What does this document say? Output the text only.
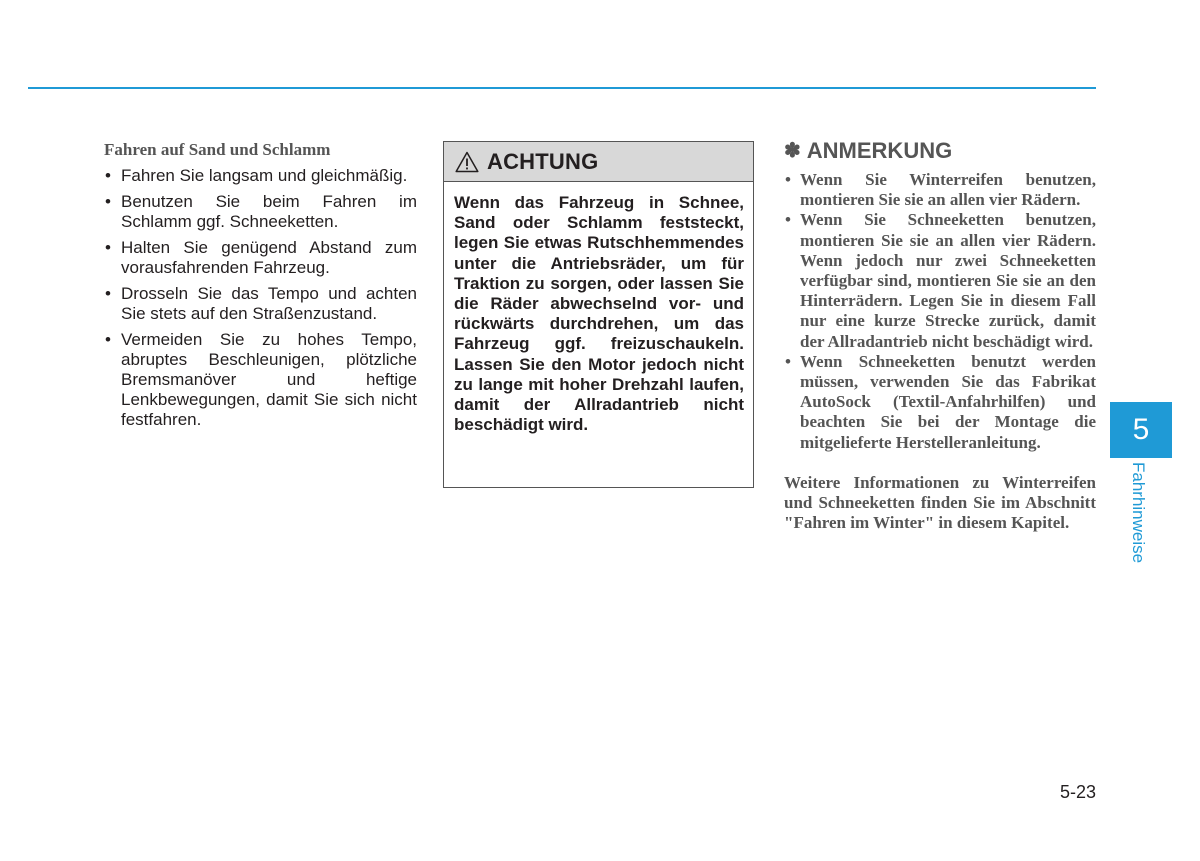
Fahren auf Sand und Schlamm
• Fahren Sie langsam und gleichmäßig.
• Benutzen Sie beim Fahren im Schlamm ggf. Schneeketten.
• Halten Sie genügend Abstand zum vorausfahrenden Fahrzeug.
• Drosseln Sie das Tempo und achten Sie stets auf den Straßenzustand.
• Vermeiden Sie zu hohes Tempo, abruptes Beschleunigen, plötzliche Bremsmanöver und heftige Lenkbewegungen, damit Sie sich nicht festfahren.
ACHTUNG
Wenn das Fahrzeug in Schnee, Sand oder Schlamm feststeckt, legen Sie etwas Rutschhemmendes unter die Antriebsräder, um für Traktion zu sorgen, oder lassen Sie die Räder abwechselnd vor- und rückwärts durchdrehen, um das Fahrzeug ggf. freizuschaukeln. Lassen Sie den Motor jedoch nicht zu lange mit hoher Drehzahl laufen, damit der Allradantrieb nicht beschädigt wird.
✽ ANMERKUNG
• Wenn Sie Winterreifen benutzen, montieren Sie sie an allen vier Rädern.
• Wenn Sie Schneeketten benutzen, montieren Sie sie an allen vier Rädern. Wenn jedoch nur zwei Schneeketten verfügbar sind, montieren Sie sie an den Hinterrädern. Legen Sie in diesem Fall nur eine kurze Strecke zurück, damit der Allradantrieb nicht beschädigt wird.
• Wenn Schneeketten benutzt werden müssen, verwenden Sie das Fabrikat AutoSock (Textil-Anfahrhilfen) und beachten Sie bei der Montage die mitgelieferte Herstelleranleitung.
Weitere Informationen zu Winterreifen und Schneeketten finden Sie im Abschnitt "Fahren im Winter" in diesem Kapitel.
5
Fahrhinweise
5-23
